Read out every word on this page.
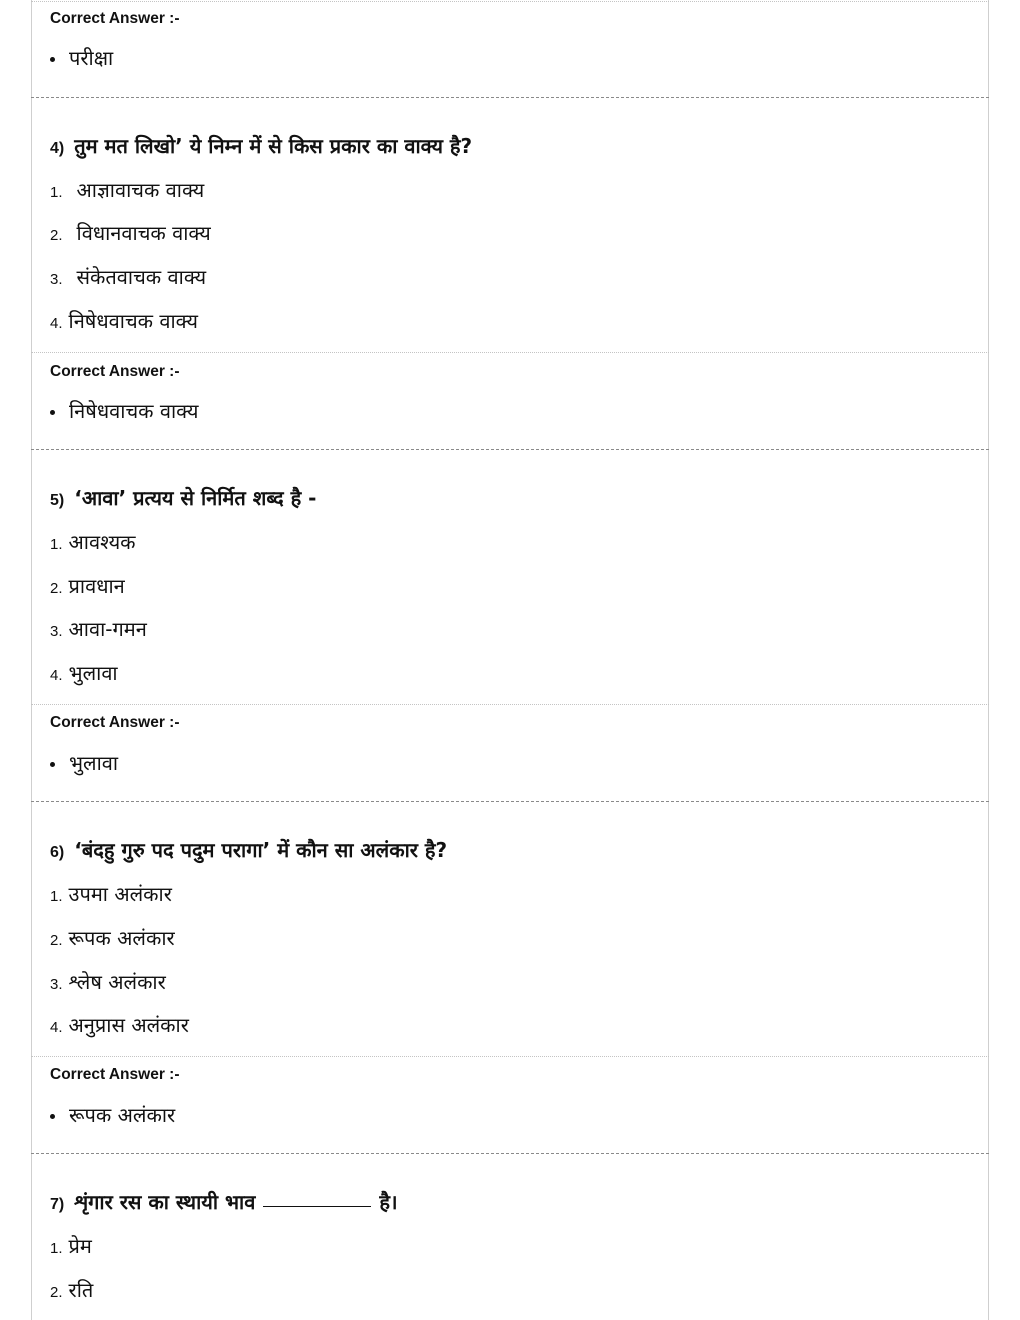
Correct Answer :-
परीक्षा
4) तुम मत लिखो’ ये निम्न में से किस प्रकार का वाक्य है?
1. आज्ञावाचक वाक्य
2. विधानवाचक वाक्य
3. संकेतवाचक वाक्य
4. निषेधवाचक वाक्य
Correct Answer :-
निषेधवाचक वाक्य
5) ‘आवा’ प्रत्यय से निर्मित शब्द है -
1. आवश्यक
2. प्रावधान
3. आवा-गमन
4. भुलावा
Correct Answer :-
भुलावा
6) ‘बंदहु गुरु पद पदुम परागा’ में कौन सा अलंकार है?
1. उपमा अलंकार
2. रूपक अलंकार
3. श्लेष अलंकार
4. अनुप्रास अलंकार
Correct Answer :-
रूपक अलंकार
7) शृंगार रस का स्थायी भाव	है।
1. प्रेम
2. रति
